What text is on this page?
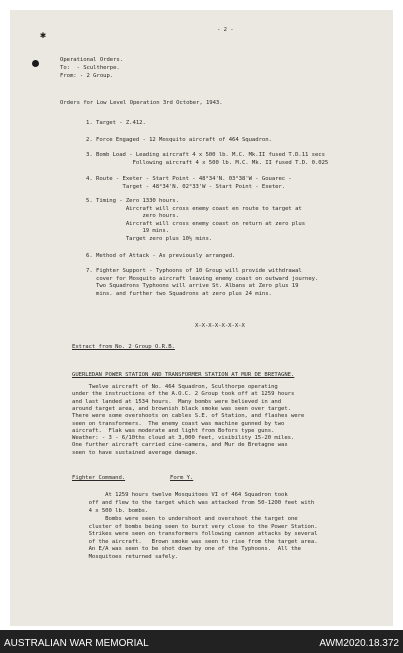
✱	- 2 -
Operational Orders.
To:  - Scultherpe.
From: - 2 Group.
Orders for Low Level Operation 3rd October, 1943.
1. Target - Z.412.
2. Force Engaged - 12 Mosquito aircraft of 464 Squadron.
3. Bomb Load - Leading aircraft 4 x 500 lb. M.C. Mk.II fused T.D.11 secs
Following aircraft 4 x 500 lb. M.C. Mk. II fused T.D. 0.025
4. Route - Exeter - Start Point - 48°34'N. 03°38'W - Gouarec -
Target - 48°34'N. 02°33'W - Start Point - Exeter.
5. Timing - Zero 1330 hours.
Aircraft will cross enemy coast en route to target at
zero hours.
Aircraft will cross enemy coast on return at zero plus
19 mins.
Target zero plus 10½ mins.
6. Method of Attack - As previously arranged.
7. Fighter Support - Typhoons of 10 Group will provide withdrawal
cover for Mosquito aircraft leaving enemy coast on outward journey.
Two Squadrons Typhoons will arrive St. Albans at Zero plus 19
mins. and further two Squadrons at zero plus 24 mins.
X-X-X-X-X-X-X-X
Extract from No. 2 Group O.R.B.
GUERLEDAN POWER STATION AND TRANSFORMER STATION AT MUR DE BRETAGNE.
Twelve aircraft of No. 464 Squadron, Sculthorpe operating
under the instructions of the A.O.C. 2 Group took off at 1259 hours
and last landed at 1534 hours.  Many bombs were believed in and
around target area, and brownish black smoke was seen over target.
There were some overshoots on cables S.E. of Station, and flashes were
seen on transformers.  The enemy coast was machine gunned by two
aircraft.  Flak was moderate and light from Bofors type guns.
Weather: - 3 - 6/10ths cloud at 3,000 feet, visibility 15-20 miles.
One further aircraft carried cine-camera, and Mur de Bretagne was
seen to have sustained average damage.
Fighter Command.	Form Y.
At 1259 hours twelve Mosquitoes VI of 464 Squadron took
off and flew to the target which was attacked from 50-1200 feet with
4 x 500 lb. bombs.
Bombs were seen to undershoot and overshoot the target one
cluster of bombs being seen to burst very close to the Power Station.
Strikes were seen on transformers following cannon attacks by several
of the aircraft.   Brown smoke was seen to rise from the target area.
An E/A was seen to be shot down by one of the Typhoons.  All the
Mosquitoes returned safely.
AUSTRALIAN WAR MEMORIAL	AWM2020.18.372
